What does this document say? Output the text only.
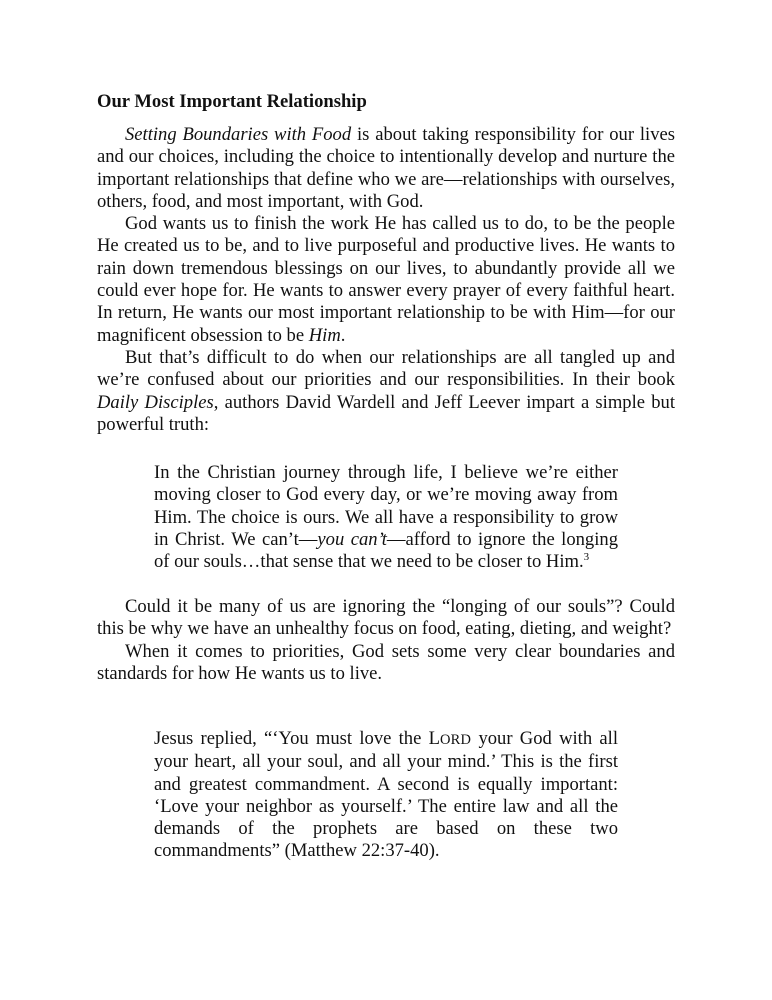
Our Most Important Relationship

Setting Boundaries with Food is about taking responsibility for our lives and our choices, including the choice to intentionally develop and nurture the important relationships that define who we are—relationships with ourselves, others, food, and most important, with God.

God wants us to finish the work He has called us to do, to be the people He created us to be, and to live purposeful and productive lives. He wants to rain down tremendous blessings on our lives, to abundantly provide all we could ever hope for. He wants to answer every prayer of every faithful heart. In return, He wants our most important relationship to be with Him—for our magnificent obsession to be Him.

But that’s difficult to do when our relationships are all tangled up and we’re confused about our priorities and our responsibilities. In their book Daily Disciples, authors David Wardell and Jeff Leever impart a simple but powerful truth:

In the Christian journey through life, I believe we’re either moving closer to God every day, or we’re moving away from Him. The choice is ours. We all have a responsibility to grow in Christ. We can’t—you can’t—afford to ignore the longing of our souls…that sense that we need to be closer to Him.$^3$

Could it be many of us are ignoring the “longing of our souls”? Could this be why we have an unhealthy focus on food, eating, dieting, and weight?

When it comes to priorities, God sets some very clear boundaries and standards for how He wants us to live.

Jesus replied, “‘You must love the LORD your God with all your heart, all your soul, and all your mind.’ This is the first and greatest commandment. A second is equally important: ‘Love your neighbor as yourself.’ The entire law and all the demands of the prophets are based on these two commandments” (Matthew 22:37-40).
